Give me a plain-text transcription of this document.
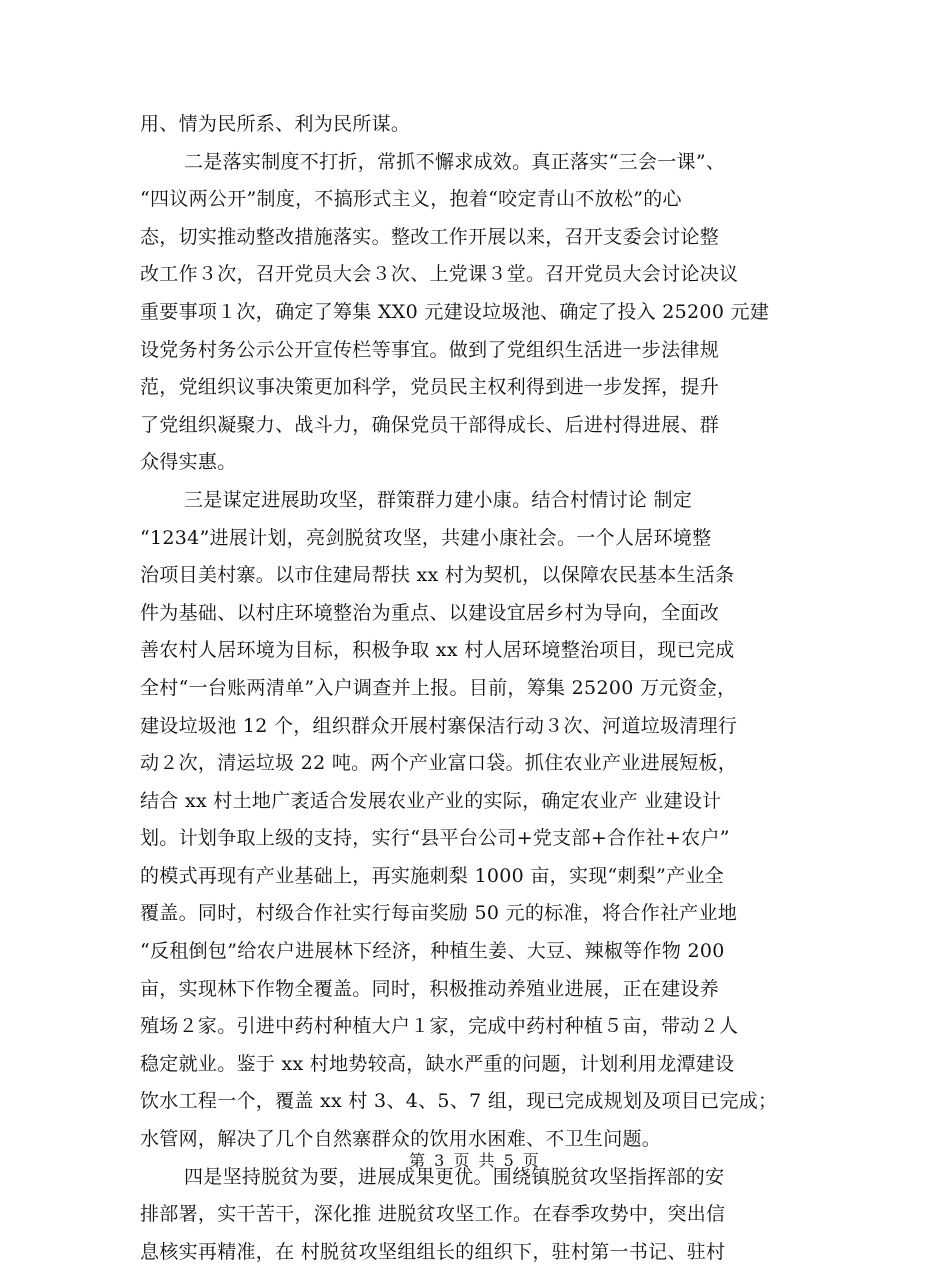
用、情为民所系、利为民所谋。
二是落实制度不打折，常抓不懈求成效。真正落实“三会一课”、
“四议两公开”制度，不搞形式主义，抱着“咬定青山不放松”的心
态，切实推动整改措施落实。整改工作开展以来，召开支委会讨论整
改工作３次，召开党员大会３次、上党课３堂。召开党员大会讨论决议
重要事项１次，确定了筹集 XX0 元建设垃圾池、确定了投入 25200 元建
设党务村务公示公开宣传栏等事宜。做到了党组织生活进一步法律规
范，党组织议事决策更加科学，党员民主权利得到进一步发挥，提升
了党组织凝聚力、战斗力，确保党员干部得成长、后进村得进展、群
众得实惠。
三是谋定进展助攻坚，群策群力建小康。结合村情讨论 制定
“1234”进展计划，亮剑脱贫攻坚，共建小康社会。一个人居环境整
治项目美村寨。以市住建局帮扶 xx 村为契机，以保障农民基本生活条
件为基础、以村庄环境整治为重点、以建设宜居乡村为导向，全面改
善农村人居环境为目标，积极争取 xx 村人居环境整治项目，现已完成
全村“一台账两清单”入户调查并上报。目前，筹集 25200 万元资金，
建设垃圾池 12 个，组织群众开展村寨保洁行动３次、河道垃圾清理行
动２次，清运垃圾 22 吨。两个产业富口袋。抓住农业产业进展短板，
结合 xx 村土地广袤适合发展农业产业的实际，确定农业产 业建设计
划。计划争取上级的支持，实行“县平台公司+党支部+合作社+农户”
的模式再现有产业基础上，再实施刺梨 1000 亩，实现“刺梨”产业全
覆盖。同时，村级合作社实行每亩奖励 50 元的标准，将合作社产业地
“反租倒包”给农户进展林下经济，种植生姜、大豆、辣椒等作物 200
亩，实现林下作物全覆盖。同时，积极推动养殖业进展，正在建设养
殖场２家。引进中药村种植大户１家，完成中药村种植５亩，带动２人
稳定就业。鉴于 xx 村地势较高，缺水严重的问题，计划利用龙潭建设
饮水工程一个，覆盖 xx 村 3、4、5、7 组，现已完成规划及项目已完成；
水管网，解决了几个自然寨群众的饮用水困难、不卫生问题。
四是坚持脱贫为要，进展成果更优。围绕镇脱贫攻坚指挥部的安
排部署，实干苦干，深化推 进脱贫攻坚工作。在春季攻势中，突出信
息核实再精准，在 村脱贫攻坚组组长的组织下，驻村第一书记、驻村
第 3 页 共 5 页
